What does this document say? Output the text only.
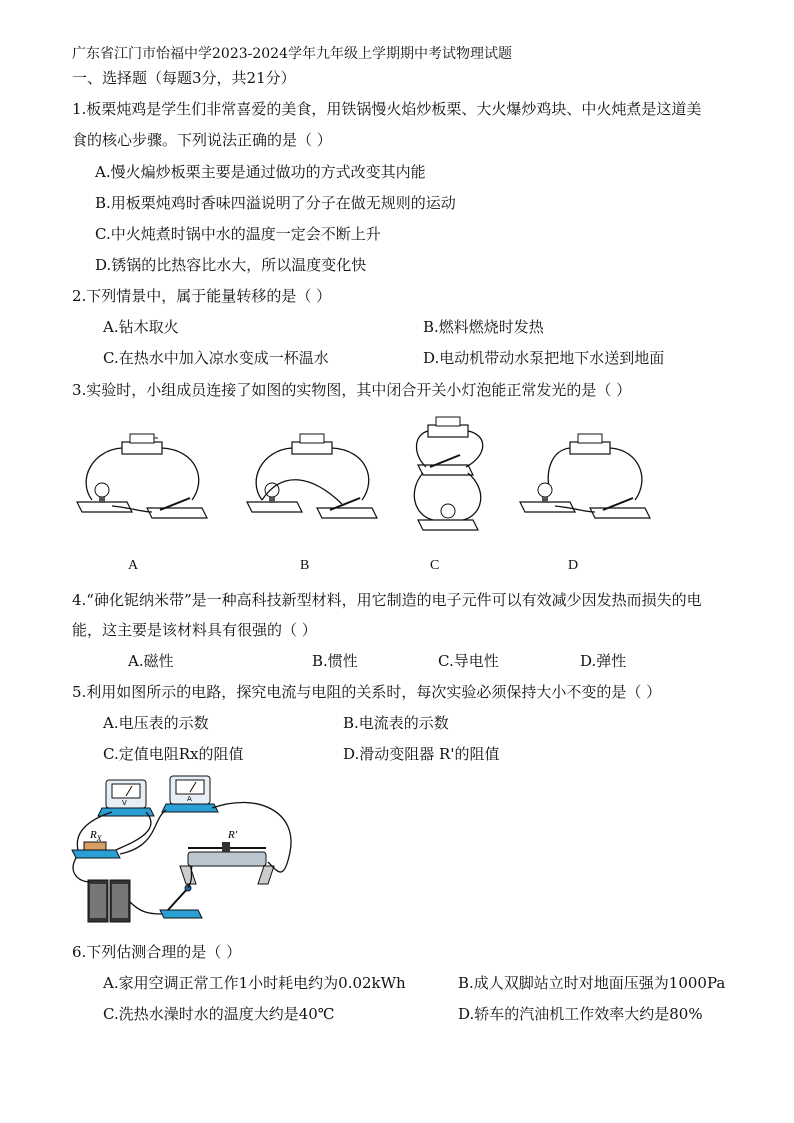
广东省江门市怡福中学2023-2024学年九年级上学期期中考试物理试题
一、选择题（每题3分，共21分）
1.板栗炖鸡是学生们非常喜爱的美食，用铁锅慢火焰炒板栗、大火爆炒鸡块、中火炖煮是这道美
食的核心步骤。下列说法正确的是（ ）
A.慢火煸炒板栗主要是通过做功的方式改变其内能
B.用板栗炖鸡时香味四溢说明了分子在做无规则的运动
C.中火炖煮时锅中水的温度一定会不断上升
D.锈锅的比热容比水大，所以温度变化快
2.下列情景中，属于能量转移的是（ ）
A.钻木取火	B.燃料燃烧时发热
C.在热水中加入凉水变成一杯温水	D.电动机带动水泵把地下水送到地面
3.实验时，小组成员连接了如图的实物图，其中闭合开关小灯泡能正常发光的是（ ）
A	B	C	D
4.“砷化铌纳米带”是一种高科技新型材料，用它制造的电子元件可以有效减少因发热而损失的电
能，这主要是该材料具有很强的（ ）
A.磁性	B.惯性	C.导电性	D.弹性
5.利用如图所示的电路，探究电流与电阻的关系时，每次实验必须保持大小不变的是（ ）
A.电压表的示数	B.电流表的示数
C.定值电阻Rx的阻值	D.滑动变阻器 R'的阻值
V	A
$R_X$	R′
6.下列估测合理的是（ ）
A.家用空调正常工作1小时耗电约为0.02kWh	B.成人双脚站立时对地面压强为1000Pa
C.洗热水澡时水的温度大约是40℃	D.轿车的汽油机工作效率大约是80%
